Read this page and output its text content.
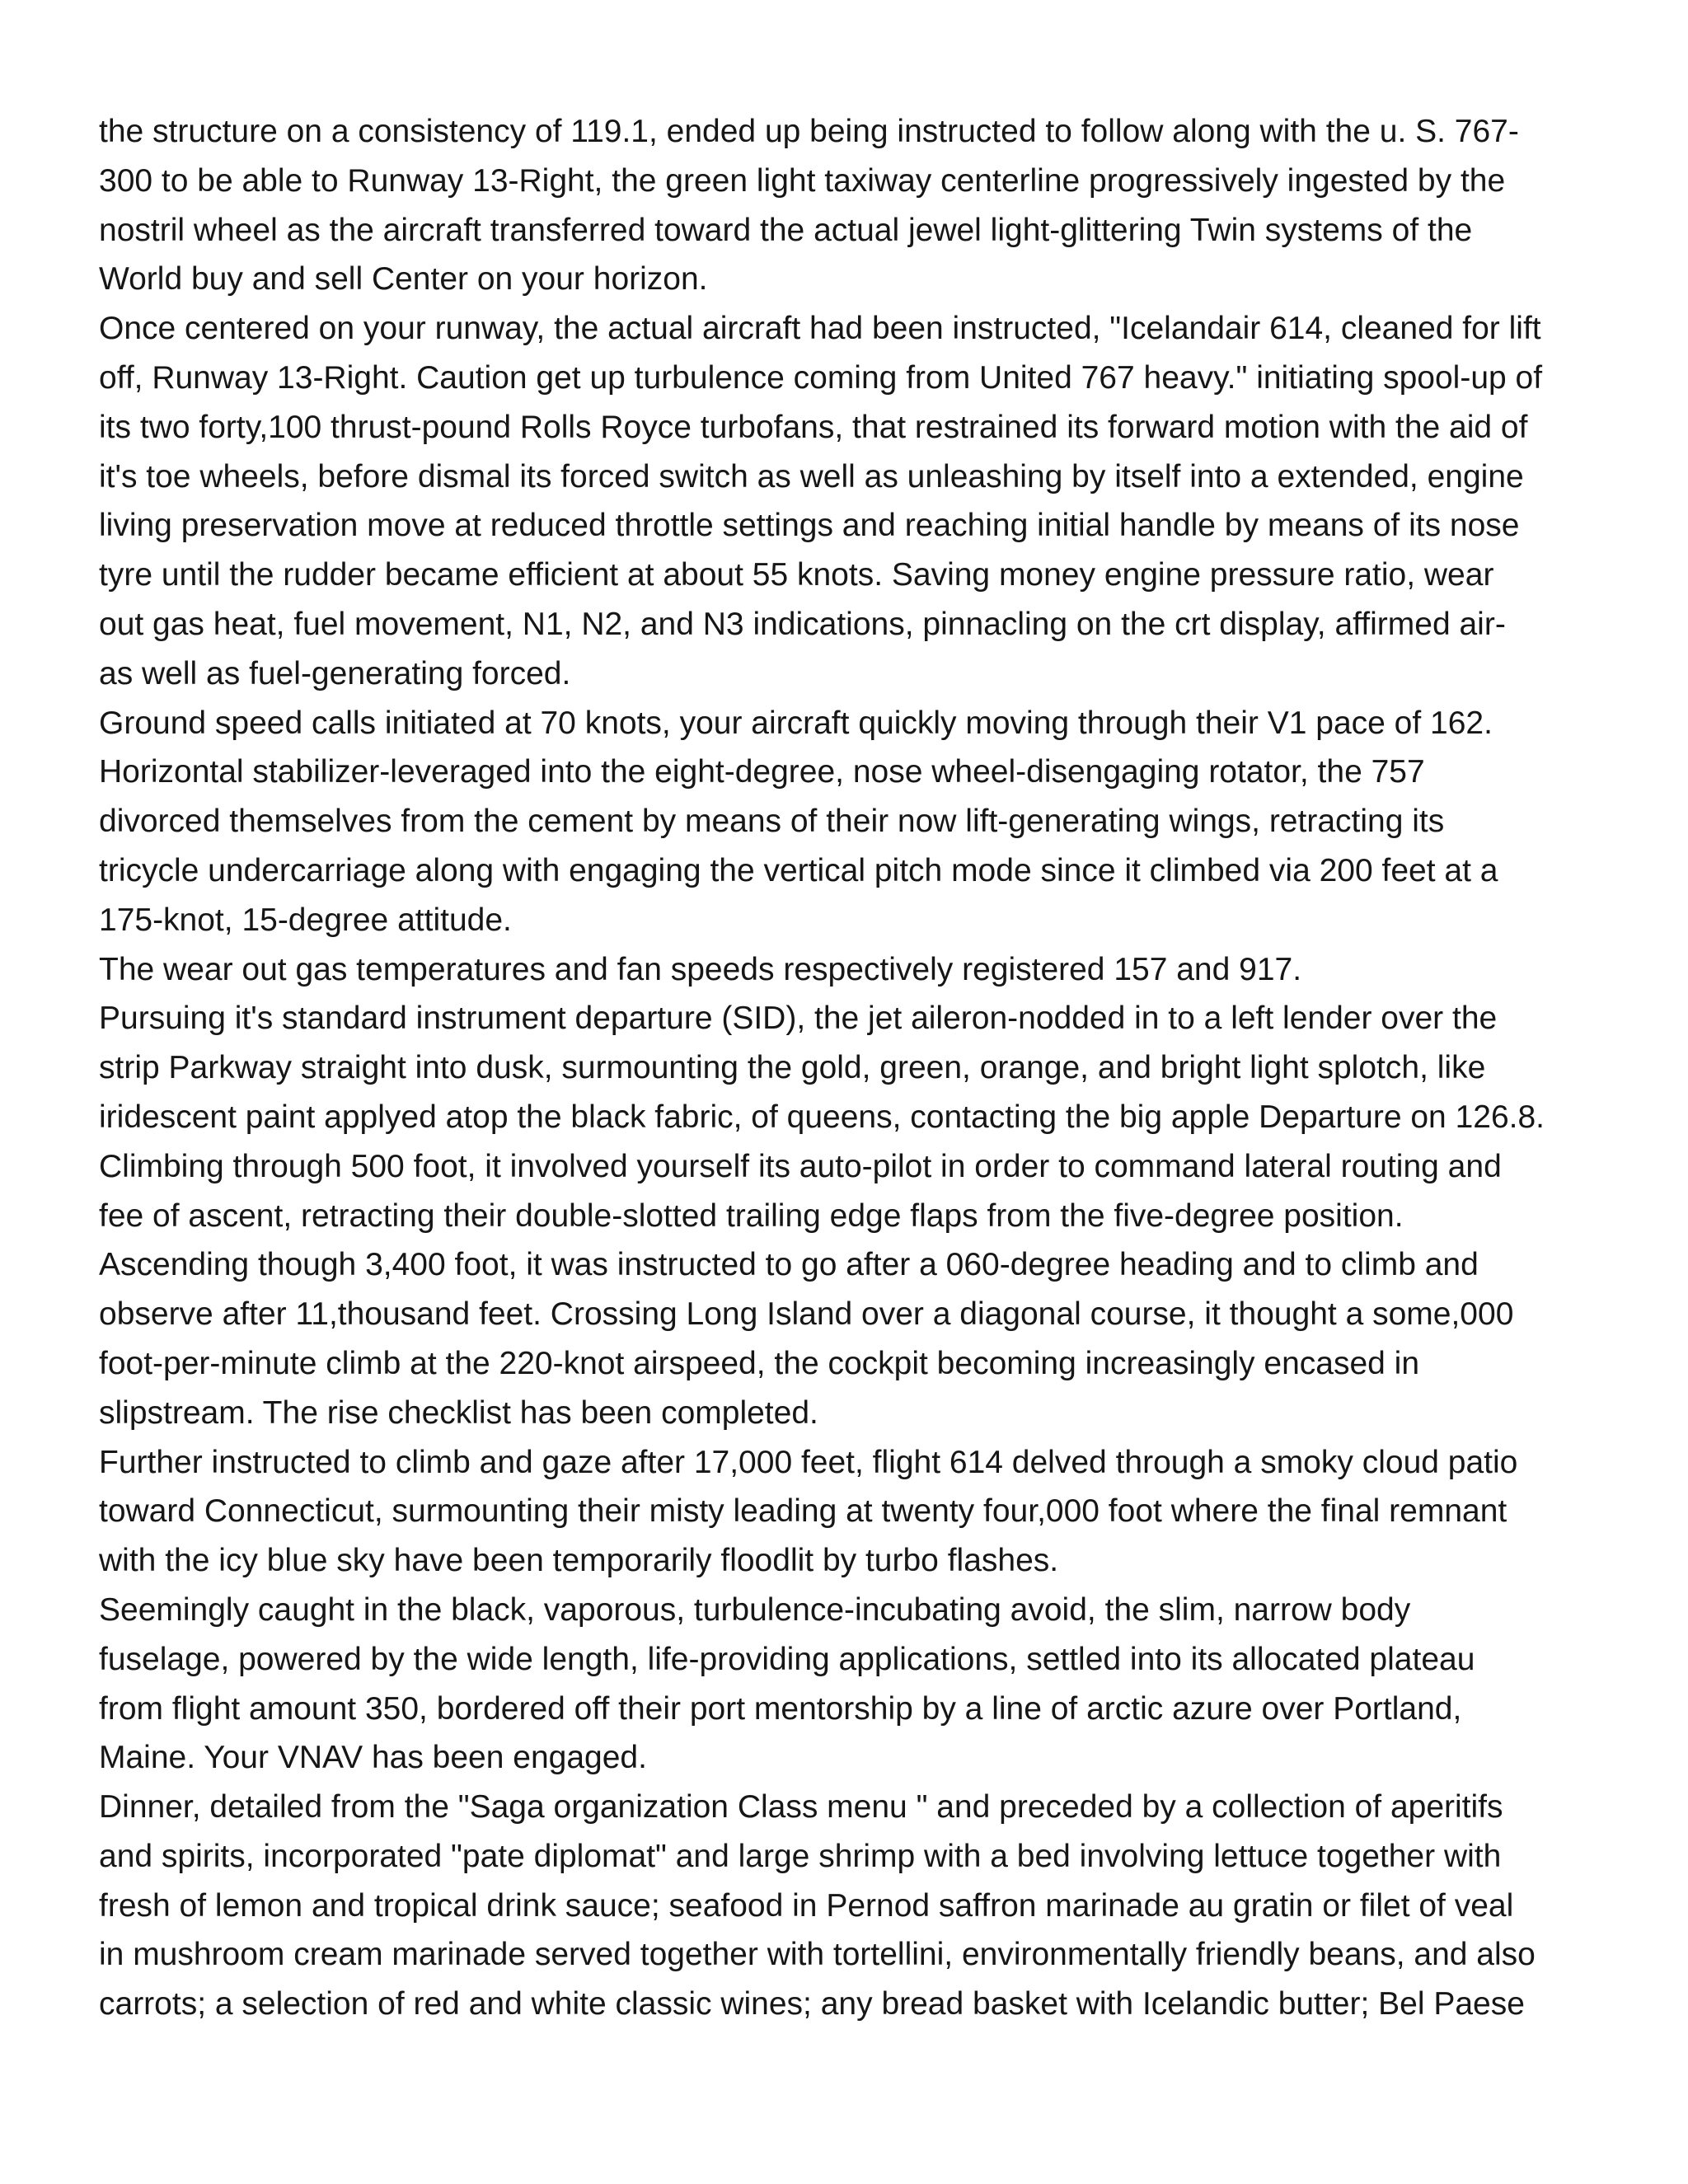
the structure on a consistency of 119.1, ended up being instructed to follow along with the u. S. 767-
300 to be able to Runway 13-Right, the green light taxiway centerline progressively ingested by the
nostril wheel as the aircraft transferred toward the actual jewel light-glittering Twin systems of the
World buy and sell Center on your horizon.

Once centered on your runway, the actual aircraft had been instructed, "Icelandair 614, cleaned for lift
off, Runway 13-Right. Caution get up turbulence coming from United 767 heavy." initiating spool-up of
its two forty,100 thrust-pound Rolls Royce turbofans, that restrained its forward motion with the aid of
it's toe wheels, before dismal its forced switch as well as unleashing by itself into a extended, engine
living preservation move at reduced throttle settings and reaching initial handle by means of its nose
tyre until the rudder became efficient at about 55 knots. Saving money engine pressure ratio, wear
out gas heat, fuel movement, N1, N2, and N3 indications, pinnacling on the crt display, affirmed air-
as well as fuel-generating forced.

Ground speed calls initiated at 70 knots, your aircraft quickly moving through their V1 pace of 162.
Horizontal stabilizer-leveraged into the eight-degree, nose wheel-disengaging rotator, the 757
divorced themselves from the cement by means of their now lift-generating wings, retracting its
tricycle undercarriage along with engaging the vertical pitch mode since it climbed via 200 feet at a
175-knot, 15-degree attitude.

The wear out gas temperatures and fan speeds respectively registered 157 and 917.

Pursuing it's standard instrument departure (SID), the jet aileron-nodded in to a left lender over the
strip Parkway straight into dusk, surmounting the gold, green, orange, and bright light splotch, like
iridescent paint applyed atop the black fabric, of queens, contacting the big apple Departure on 126.8.
Climbing through 500 foot, it involved yourself its auto-pilot in order to command lateral routing and
fee of ascent, retracting their double-slotted trailing edge flaps from the five-degree position.
Ascending though 3,400 foot, it was instructed to go after a 060-degree heading and to climb and
observe after 11,thousand feet. Crossing Long Island over a diagonal course, it thought a some,000
foot-per-minute climb at the 220-knot airspeed, the cockpit becoming increasingly encased in
slipstream. The rise checklist has been completed.

Further instructed to climb and gaze after 17,000 feet, flight 614 delved through a smoky cloud patio
toward Connecticut, surmounting their misty leading at twenty four,000 foot where the final remnant
with the icy blue sky have been temporarily floodlit by turbo flashes.

Seemingly caught in the black, vaporous, turbulence-incubating avoid, the slim, narrow body
fuselage, powered by the wide length, life-providing applications, settled into its allocated plateau
from flight amount 350, bordered off their port mentorship by a line of arctic azure over Portland,
Maine. Your VNAV has been engaged.

Dinner, detailed from the "Saga organization Class menu " and preceded by a collection of aperitifs
and spirits, incorporated "pate diplomat" and large shrimp with a bed involving lettuce together with
fresh of lemon and tropical drink sauce; seafood in Pernod saffron marinade au gratin or filet of veal
in mushroom cream marinade served together with tortellini, environmentally friendly beans, and also
carrots; a selection of red and white classic wines; any bread basket with Icelandic butter; Bel Paese
